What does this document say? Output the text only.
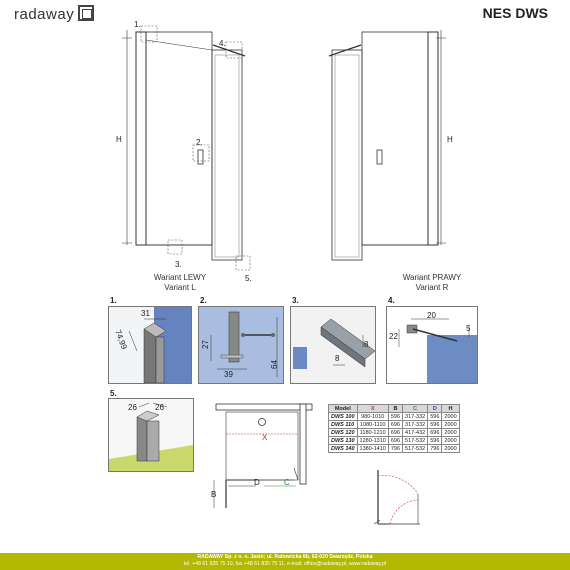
radaway	NES DWS
1.
4.
2.
3.
5.
H	H
Wariant LEWY
Variant L
Wariant PRAWY
Variant R
1.
31
74,99
2.
27
39
64
3.
8
8
4.
20
22
5
5.
26 26
X
B
D	C
Model	X	B	C	D	H
DWS 100	980-1010	596	317-332	596	2000
DWS 110	1080-1110	696	317-332	596	2000
DWS 120	1180-1210	696	417-432	696	2000
DWS 130	1280-1310	696	517-532	596	2000
DWS 140	1380-1410	796	517-532	796	2000
RADAWAY Sp. z o. o. Jasin; ul. Rabowicka 6b, 62-020 Swarzędz, Polska
tel. +48 61 835 75 10, fax +48 61 835 75 11, e-mail: office@radaway.pl, www.radaway.pl
